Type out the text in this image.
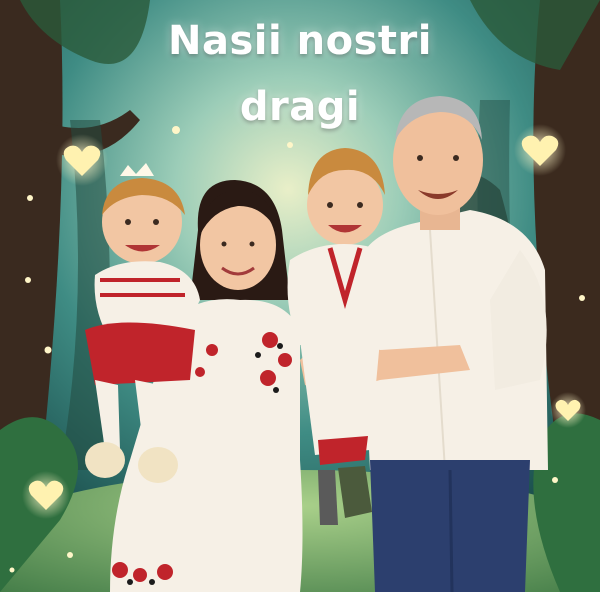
Nasii nostri
dragi
